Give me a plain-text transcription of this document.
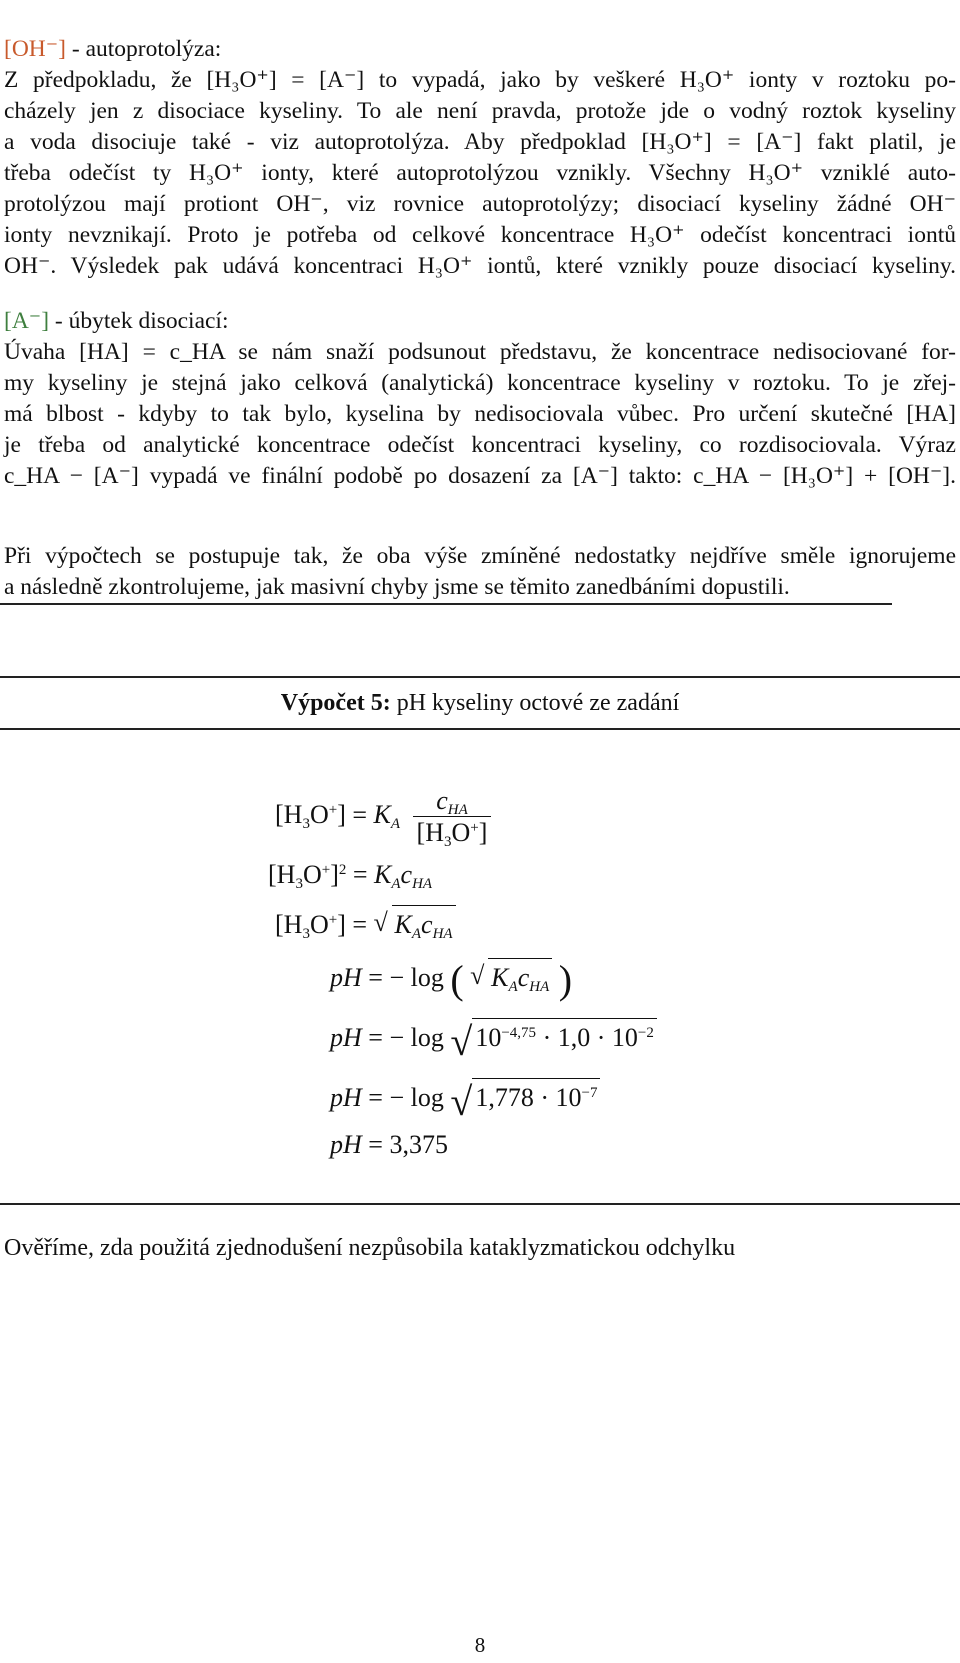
[OH⁻] - autoprotolýza:
Z předpokladu, že [H₃O⁺] = [A⁻] to vypadá, jako by veškeré H₃O⁺ ionty v roztoku po-
cházely jen z disociace kyseliny. To ale není pravda, protože jde o vodný roztok kyseliny
a voda disociuje také - viz autoprotolýza. Aby předpoklad [H₃O⁺] = [A⁻] fakt platil, je
třeba odečíst ty H₃O⁺ ionty, které autoprotolýzou vznikly. Všechny H₃O⁺ vzniklé auto-
protolýzou mají protiont OH⁻, viz rovnice autoprotolýzy; disociací kyseliny žádné OH⁻
ionty nevznikají. Proto je potřeba od celkové koncentrace H₃O⁺ odečíst koncentraci iontů
OH⁻. Výsledek pak udává koncentraci H₃O⁺ iontů, které vznikly pouze disociací kyseliny.
[A⁻] - úbytek disociací:
Úvaha [HA] = c_HA se nám snaží podsunout představu, že koncentrace nedisociované for-
my kyseliny je stejná jako celková (analytická) koncentrace kyseliny v roztoku. To je zřej-
má blbost - kdyby to tak bylo, kyselina by nedisociovala vůbec. Pro určení skutečné [HA]
je třeba od analytické koncentrace odečíst koncentraci kyseliny, co rozdisociovala. Výraz
c_HA − [A⁻] vypadá ve finální podobě po dosazení za [A⁻] takto: c_HA − [H₃O⁺] + [OH⁻].
Při výpočtech se postupuje tak, že oba výše zmíněné nedostatky nejdříve směle ignorujeme
a následně zkontrolujeme, jak masivní chyby jsme se těmito zanedbáními dopustili.
Výpočet 5: pH kyseliny octové ze zadání
$[H_3O^+] = K_A \frac{c_{HA}}{[H_3O^+]}$
$[H_3O^+]^2 = K_Ac_{HA}$
$[H_3O^+]$ = √ $K_Ac_{HA}$
pH = − log ( √ $K_Ac_{HA}$ )
pH = − log √ $10^{-4,75} \cdot 1,0 \cdot 10^{-2}$
pH = − log √ $1,778 \cdot 10^{-7}$
pH = 3,375
Ověříme, zda použitá zjednodušení nezpůsobila kataklyzmatickou odchylku
8
